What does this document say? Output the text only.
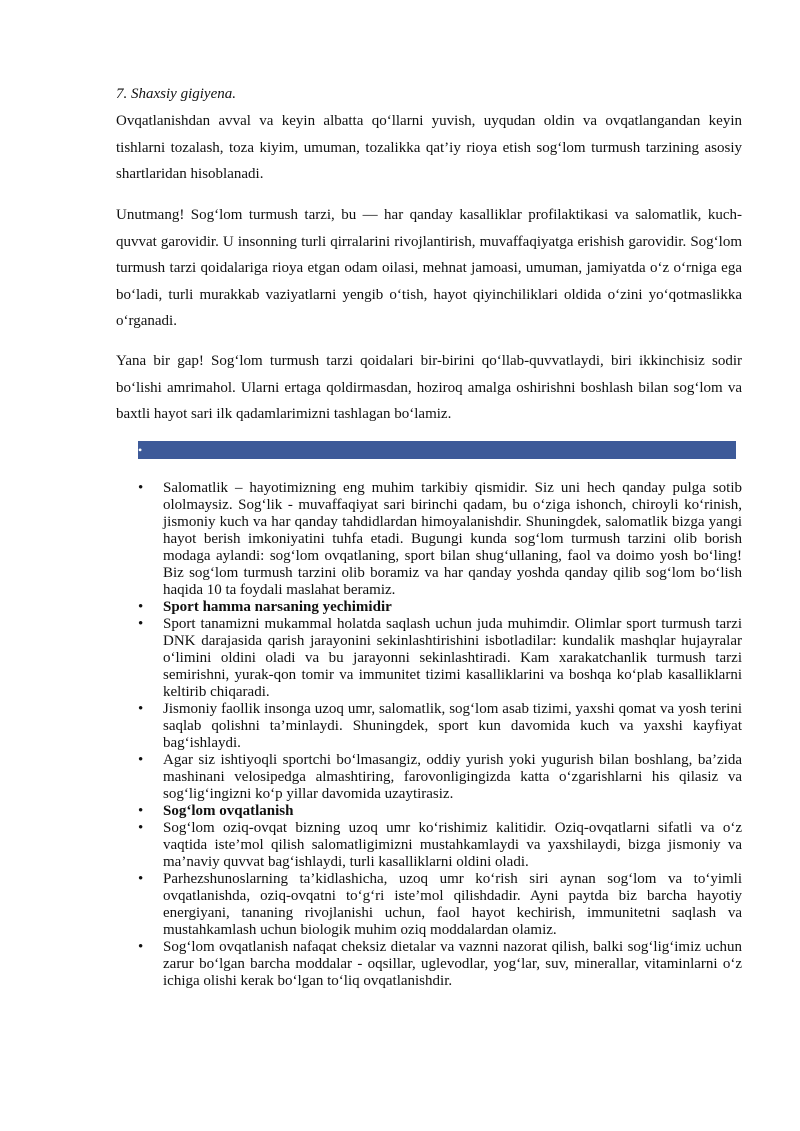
7. Shaxsiy gigiyena.

Ovqatlanishdan avval va keyin albatta qo‘llarni yuvish, uyqudan oldin va ovqatlangandan keyin tishlarni tozalash, toza kiyim, umuman, tozalikka qat’iy rioya etish sog‘lom turmush tarzining asosiy shartlaridan hisoblanadi.

Unutmang! Sog‘lom turmush tarzi, bu — har qanday kasalliklar profilaktikasi va salomatlik, kuch-quvvat garovidir. U insonning turli qirralarini rivojlantirish, muvaffaqiyatga erishish garovidir. Sog‘lom turmush tarzi qoidalariga rioya etgan odam oilasi, mehnat jamoasi, umuman, jamiyatda o‘z o‘rniga ega bo‘ladi, turli murakkab vaziyatlarni yengib o‘tish, hayot qiyinchiliklari oldida o‘zini yo‘qotmaslikka o‘rganadi.

Yana bir gap! Sog‘lom turmush tarzi qoidalari bir-birini qo‘llab-quvvatlaydi, biri ikkinchisiz sodir bo‘lishi amrimahol. Ularni ertaga qoldirmasdan, hoziroq amalga oshirishni boshlash bilan sog‘lom va baxtli hayot sari ilk qadamlarimizni tashlagan bo‘lamiz.

•
• Salomatlik – hayotimizning eng muhim tarkibiy qismidir. Siz uni hech qanday pulga sotib ololmaysiz. Sog‘lik - muvaffaqiyat sari birinchi qadam, bu o‘ziga ishonch, chiroyli ko‘rinish, jismoniy kuch va har qanday tahdidlardan himoyalanishdir. Shuningdek, salomatlik bizga yangi hayot berish imkoniyatini tuhfa etadi. Bugungi kunda sog‘lom turmush tarzini olib borish modaga aylandi: sog‘lom ovqatlaning, sport bilan shug‘ullaning, faol va doimo yosh bo‘ling! Biz sog‘lom turmush tarzini olib boramiz va har qanday yoshda qanday qilib sog‘lom bo‘lish haqida 10 ta foydali maslahat beramiz.
• Sport hamma narsaning yechimidir
• Sport tanamizni mukammal holatda saqlash uchun juda muhimdir. Olimlar sport turmush tarzi DNK darajasida qarish jarayonini sekinlashtirishini isbotladilar: kundalik mashqlar hujayralar o‘limini oldini oladi va bu jarayonni sekinlashtiradi. Kam xarakatchanlik turmush tarzi semirishni, yurak-qon tomir va immunitet tizimi kasalliklarini va boshqa ko‘plab kasalliklarni keltirib chiqaradi.
• Jismoniy faollik insonga uzoq umr, salomatlik, sog‘lom asab tizimi, yaxshi qomat va yosh terini saqlab qolishni ta’minlaydi. Shuningdek, sport kun davomida kuch va yaxshi kayfiyat bag‘ishlaydi.
• Agar siz ishtiyoqli sportchi bo‘lmasangiz, oddiy yurish yoki yugurish bilan boshlang, ba’zida mashinani velosipedga almashtiring, farovonligingizda katta o‘zgarishlarni his qilasiz va sog‘lig‘ingizni ko‘p yillar davomida uzaytirasiz.
• Sog‘lom ovqatlanish
• Sog‘lom oziq-ovqat bizning uzoq umr ko‘rishimiz kalitidir. Oziq-ovqatlarni sifatli va o‘z vaqtida iste’mol qilish salomatligimizni mustahkamlaydi va yaxshilaydi, bizga jismoniy va ma’naviy quvvat bag‘ishlaydi, turli kasalliklarni oldini oladi.
• Parhezshunoslarning ta’kidlashicha, uzoq umr ko‘rish siri aynan sog‘lom va to‘yimli ovqatlanishda, oziq-ovqatni to‘g‘ri iste’mol qilishdadir. Ayni paytda biz barcha hayotiy energiyani, tananing rivojlanishi uchun, faol hayot kechirish, immunitetni saqlash va mustahkamlash uchun biologik muhim oziq moddalardan olamiz.
• Sog‘lom ovqatlanish nafaqat cheksiz dietalar va vaznni nazorat qilish, balki sog‘lig‘imiz uchun zarur bo‘lgan barcha moddalar - oqsillar, uglevodlar, yog‘lar, suv, minerallar, vitaminlarni o‘z ichiga olishi kerak bo‘lgan to‘liq ovqatlanishdir.
